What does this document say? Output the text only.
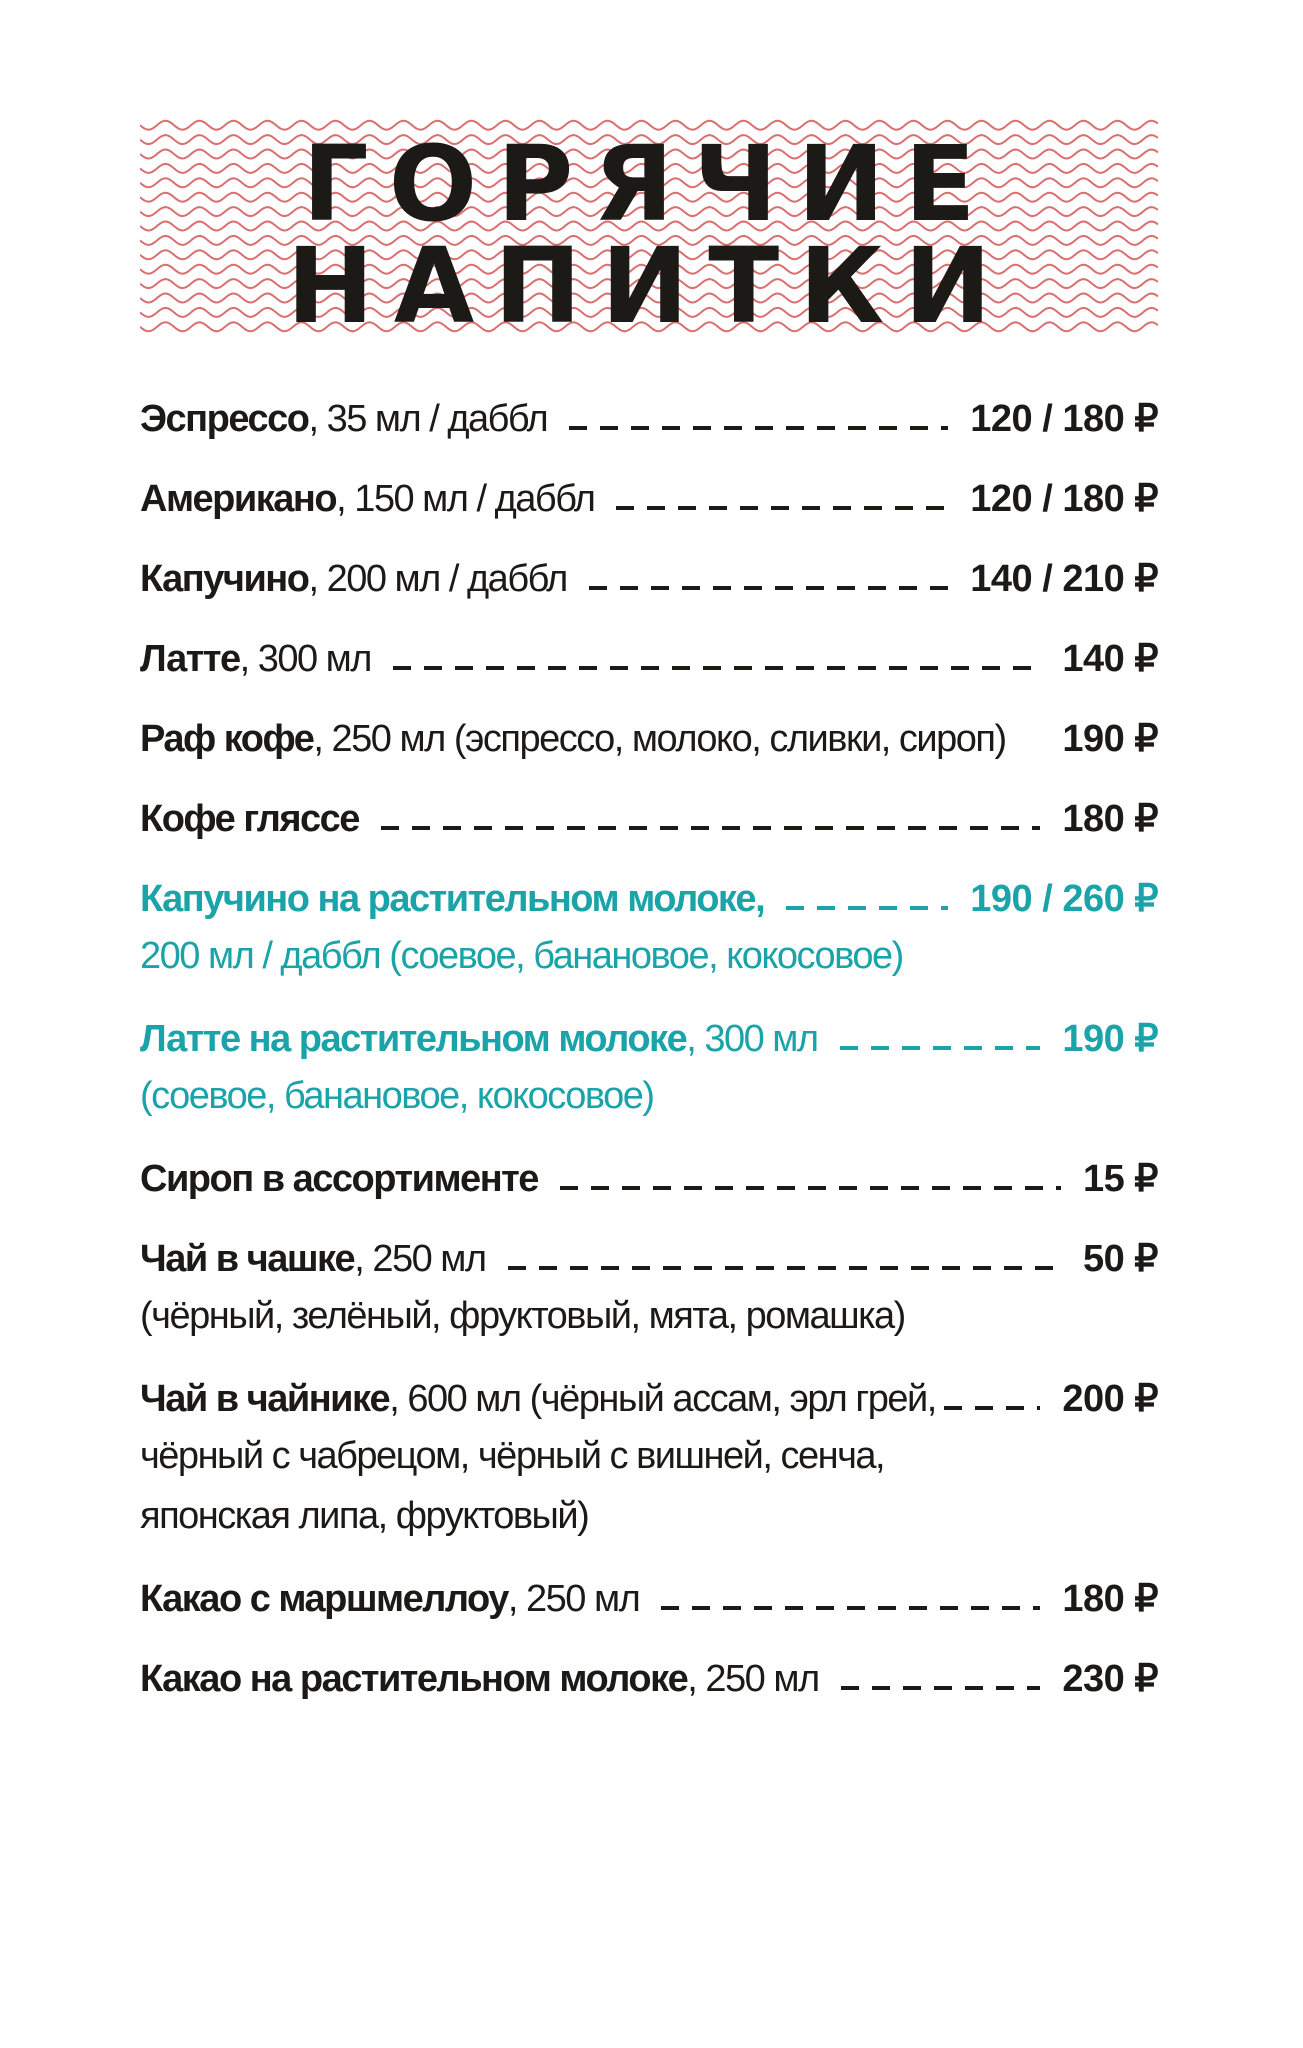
ГОРЯЧИЕ
НАПИТКИ
Эспрессо , 35 мл / даббл	120 / 180 ₽
Американо , 150 мл / даббл	120 / 180 ₽
Капучино , 200 мл / даббл	140 / 210 ₽
Латте , 300 мл	140 ₽
Раф кофе , 250 мл (эспрессо, молоко, сливки, сироп) 190 ₽
Кофе гляссе	180 ₽
Капучино на растительном молоке,	190 / 260 ₽
200 мл / даббл (соевое, банановое, кокосовое)
Латте на растительном молоке , 300 мл	190 ₽
(соевое, банановое, кокосовое)
Сироп в ассортименте	15 ₽
Чай в чашке , 250 мл	50 ₽
(чёрный, зелёный, фруктовый, мята, ромашка)
Чай в чайнике , 600 мл (чёрный ассам, эрл грей,	200 ₽
чёрный с чабрецом, чёрный с вишней, сенча,
японская липа, фруктовый)
Какао с маршмеллоу , 250 мл	180 ₽
Какао на растительном молоке , 250 мл	230 ₽
